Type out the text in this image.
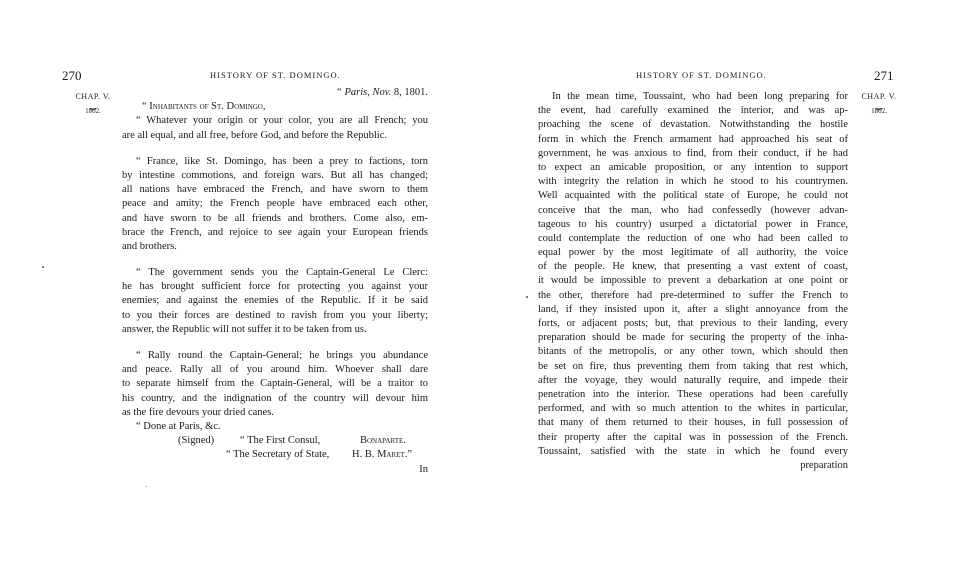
270	HISTORY OF ST. DOMINGO.
CHAP. V.
⏟
1802.
“ Paris, Nov. 8, 1801.
“ Inhabitants of St. Domingo,
“ Whatever your origin or your color, you are all French; you
are all equal, and all free, before God, and before the Republic.
“ France, like St. Domingo, has been a prey to factions, torn
by intestine commotions, and foreign wars. But all has changed;
all nations have embraced the French, and have sworn to them
peace and amity; the French people have embraced each other,
and have sworn to be all friends and brothers. Come also, em-
brace the French, and rejoice to see again your European friends
and brothers.
“ The government sends you the Captain-General Le Clerc:
he has brought sufficient force for protecting you against your
enemies; and against the enemies of the Republic. If it be said
to you their forces are destined to ravish from you your liberty;
answer, the Republic will not suffer it to be taken from us.
“ Rally round the Captain-General; he brings you abundance
and peace. Rally all of you around him. Whoever shall dare
to separate himself from the Captain-General, will be a traitor to
his country, and the indignation of the country will devour him
as the fire devours your dried canes.
“ Done at Paris, &c.
(Signed) “ The First Consul,	Bonaparte.
“ The Secretary of State, H. B. Maret.”
In
HISTORY OF ST. DOMINGO.	271
CHAP. V.
⏟
1802.
In the mean time, Toussaint, who had been long preparing for
the event, had carefully examined the interior, and was ap-
proaching the scene of devastation. Notwithstanding the hostile
form in which the French armament had approached his seat of
government, he was anxious to find, from their conduct, if he had
to expect an amicable proposition, or any intention to support
with integrity the relation in which he stood to his countrymen.
Well acquainted with the political state of Europe, he could not
conceive that the man, who had confessedly (however advan-
tageous to his country) usurped a dictatorial power in France,
could contemplate the reduction of one who had been called to
equal power by the most legitimate of all authority, the voice
of the people. He knew, that presenting a vast extent of coast,
it would be impossible to prevent a debarkation at one point or
the other, therefore had pre-determined to suffer the French to
land, if they insisted upon it, after a slight annoyance from the
forts, or adjacent posts; but, that previous to their landing, every
preparation should be made for securing the property of the inha-
bitants of the metropolis, or any other town, which should then
be set on fire, thus preventing them from taking that rest which,
after the voyage, they would naturally require, and impede their
penetration into the interior. These operations had been carefully
performed, and with so much attention to the whites in particular,
that many of them returned to their houses, in full possession of
their property after the capital was in possession of the French.
Toussaint, satisfied with the state in which he found every
preparation
